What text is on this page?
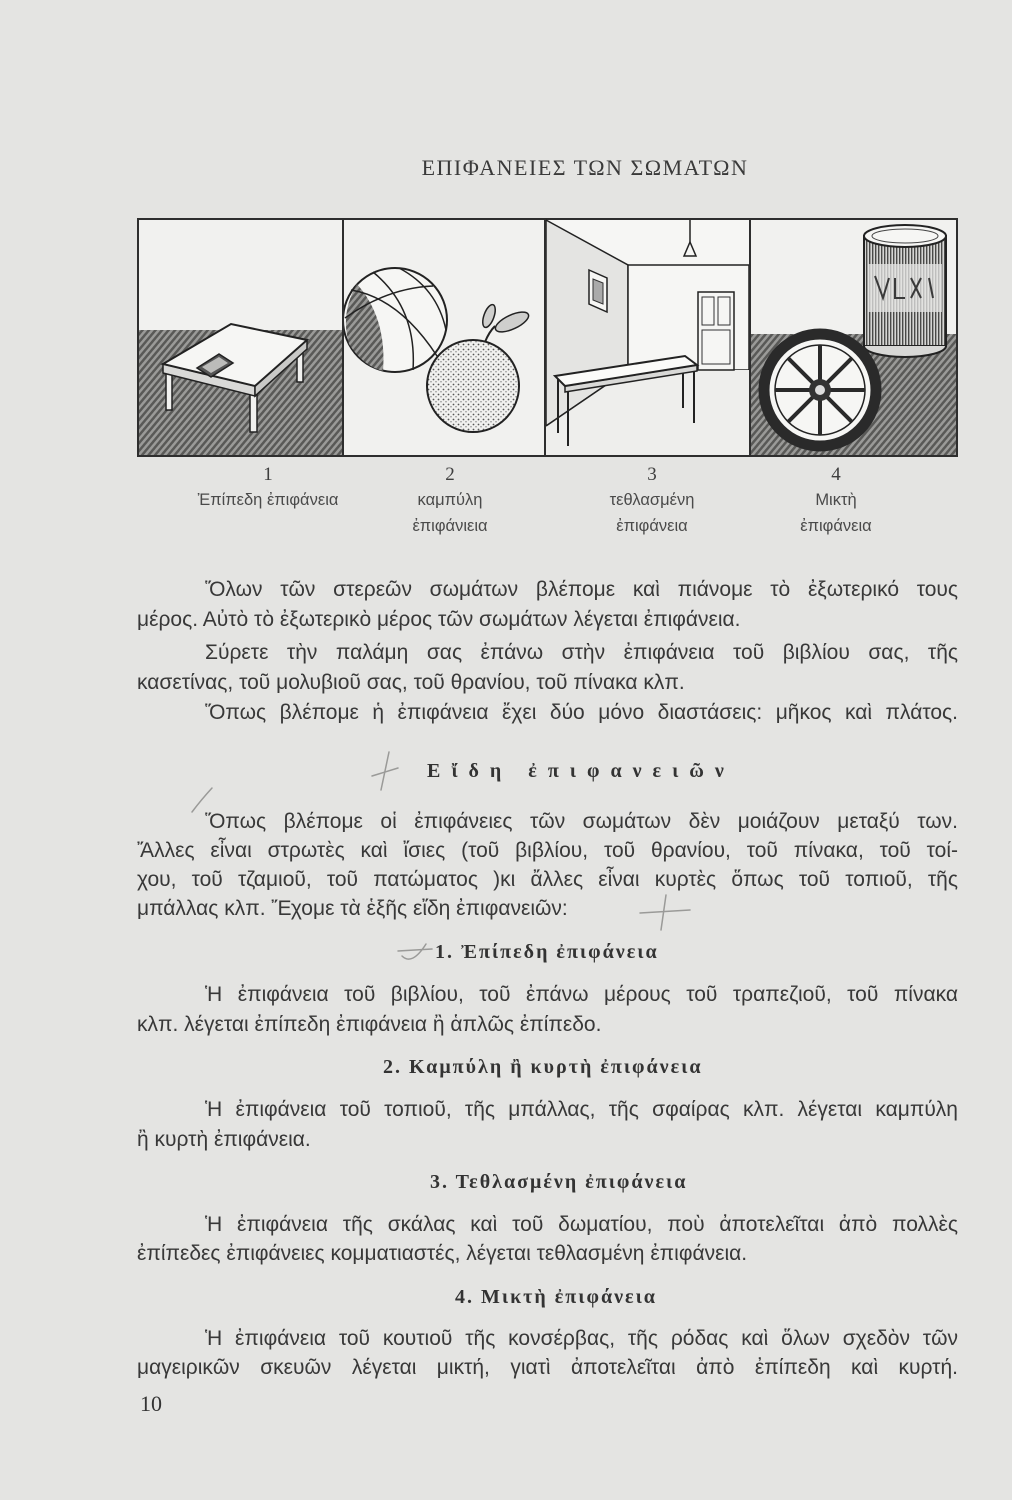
ΕΠΙΦΑΝΕΙΕΣ ΤΩΝ ΣΩΜΑΤΩΝ
1
Ἐπίπεδη ἐπιφάνεια
2
καμπύλη
ἐπιφάνιεια
3
τεθλασμένη
ἐπιφάνεια
4
Μικτὴ
ἐπιφάνεια
Ὅλων τῶν στερεῶν σωμάτων βλέπομε καὶ πιάνομε τὸ ἐξωτερικό τους
μέρος. Αὐτὸ τὸ ἐξωτερικὸ μέρος τῶν σωμάτων λέγεται ἐπιφάνεια.
Σύρετε τὴν παλάμη σας ἐπάνω στὴν ἐπιφάνεια τοῦ βιβλίου σας, τῆς
κασετίνας, τοῦ μολυβιοῦ σας, τοῦ θρανίου, τοῦ πίνακα κλπ.
Ὅπως βλέπομε ἡ ἐπιφάνεια ἔχει δύο μόνο διαστάσεις: μῆκος καὶ πλάτος.
Εἴδη ἐπιφανειῶν
Ὅπως βλέπομε οἱ ἐπιφάνειες τῶν σωμάτων δὲν μοιάζουν μεταξύ των.
Ἄλλες εἶναι στρωτὲς καὶ ἴσιες (τοῦ βιβλίου, τοῦ θρανίου, τοῦ πίνακα, τοῦ τοί-
χου, τοῦ τζαμιοῦ, τοῦ πατώματος )κι ἄλλες εἶναι κυρτὲς ὅπως τοῦ τοπιοῦ, τῆς
μπάλλας κλπ. Ἔχομε τὰ ἑξῆς εἴδη ἐπιφανειῶν:
1. Ἐπίπεδη ἐπιφάνεια
Ἡ ἐπιφάνεια τοῦ βιβλίου, τοῦ ἐπάνω μέρους τοῦ τραπεζιοῦ, τοῦ πίνακα
κλπ. λέγεται ἐπίπεδη ἐπιφάνεια ἢ ἁπλῶς ἐπίπεδο.
2. Καμπύλη ἢ κυρτὴ ἐπιφάνεια
Ἡ ἐπιφάνεια τοῦ τοπιοῦ, τῆς μπάλλας, τῆς σφαίρας κλπ. λέγεται καμπύλη
ἢ κυρτὴ ἐπιφάνεια.
3. Τεθλασμένη ἐπιφάνεια
Ἡ ἐπιφάνεια τῆς σκάλας καὶ τοῦ δωματίου, ποὺ ἀποτελεῖται ἀπὸ πολλὲς
ἐπίπεδες ἐπιφάνειες κομματιαστές, λέγεται τεθλασμένη ἐπιφάνεια.
4. Μικτὴ ἐπιφάνεια
Ἡ ἐπιφάνεια τοῦ κουτιοῦ τῆς κονσέρβας, τῆς ρόδας καὶ ὅλων σχεδὸν τῶν
μαγειρικῶν σκευῶν λέγεται μικτή, γιατὶ ἀποτελεῖται ἀπὸ ἐπίπεδη καὶ κυρτή.
10
